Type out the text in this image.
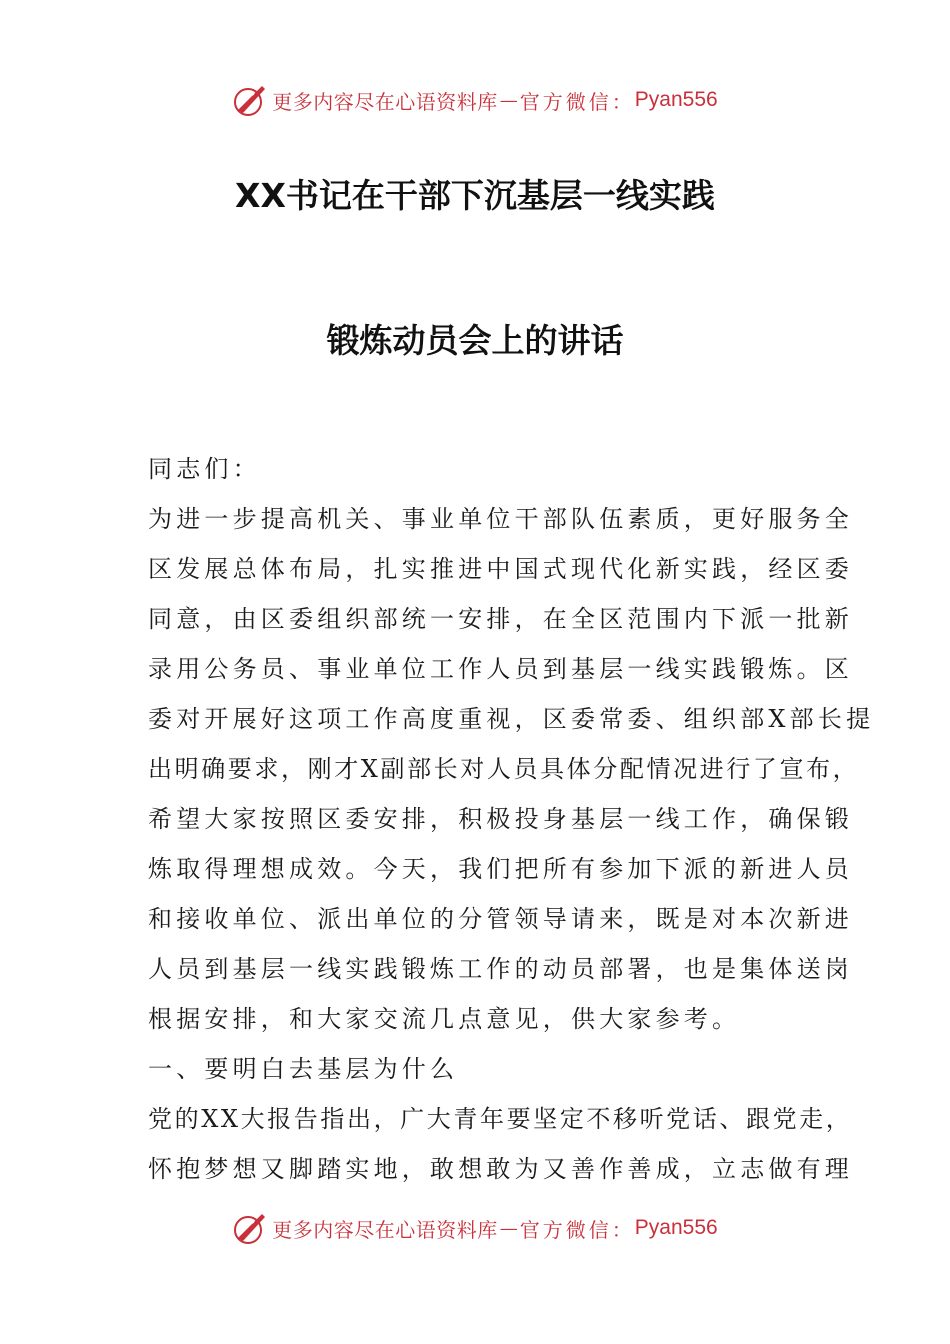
更多内容尽在心语资料库 — 官方微信： Pyan556
XX书记在干部下沉基层一线实践
锻炼动员会上的讲话
同志们：
为进一步提高机关、事业单位干部队伍素质，更好服务全
区发展总体布局，扎实推进中国式现代化新实践，经区委
同意，由区委组织部统一安排，在全区范围内下派一批新
录用公务员、事业单位工作人员到基层一线实践锻炼。区
委对开展好这项工作高度重视，区委常委、组织部X部长提
出明确要求，刚才X副部长对人员具体分配情况进行了宣布，
希望大家按照区委安排，积极投身基层一线工作，确保锻
炼取得理想成效。今天，我们把所有参加下派的新进人员
和接收单位、派出单位的分管领导请来，既是对本次新进
人员到基层一线实践锻炼工作的动员部署，也是集体送岗
根据安排，和大家交流几点意见，供大家参考。
一、要明白去基层为什么
党的XX大报告指出，广大青年要坚定不移听党话、跟党走，
怀抱梦想又脚踏实地，敢想敢为又善作善成，立志做有理
更多内容尽在心语资料库 — 官方微信： Pyan556
